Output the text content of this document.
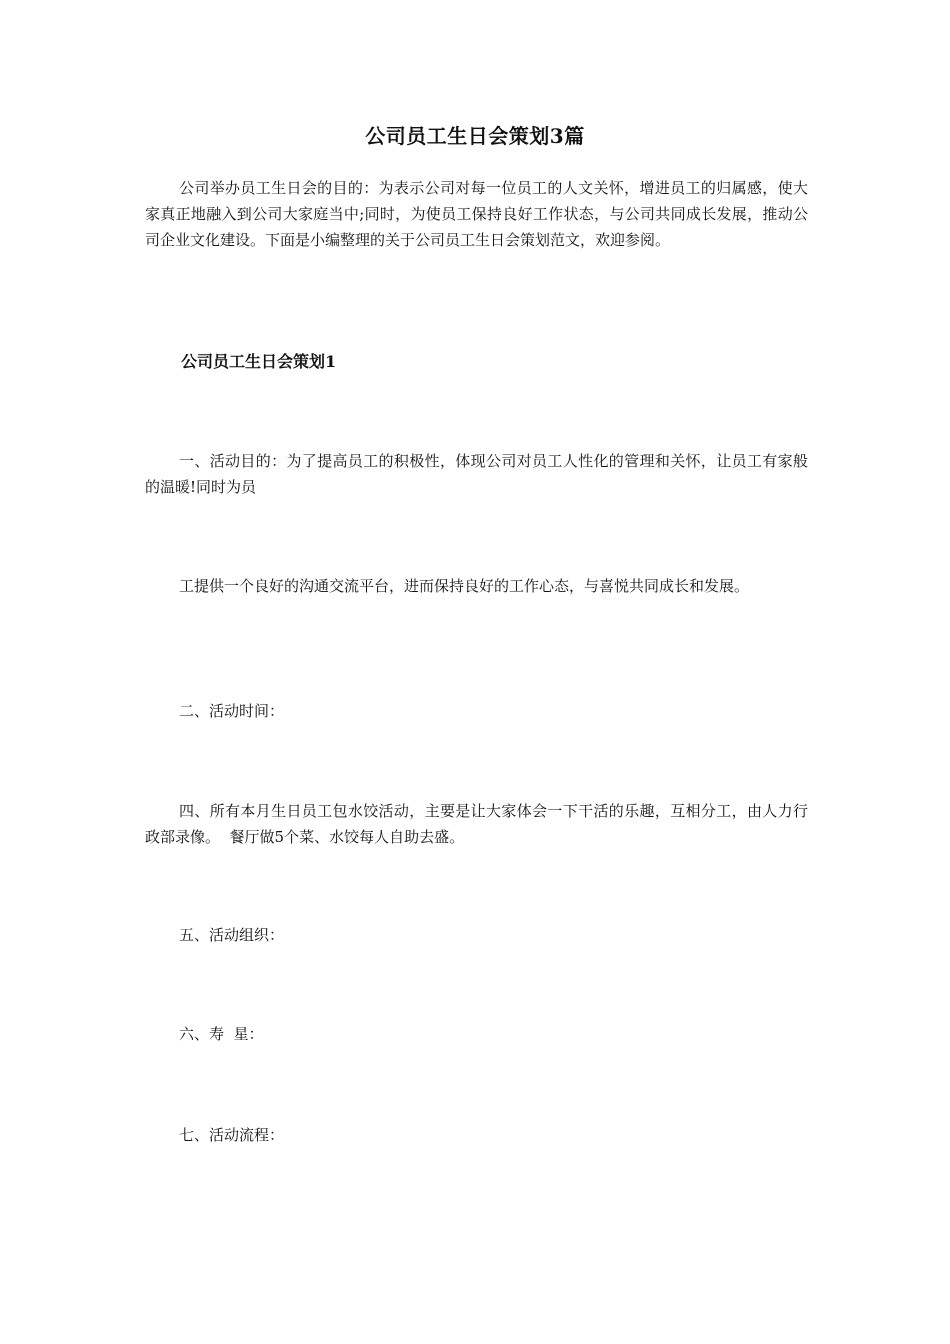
公司员工生日会策划3篇

公司举办员工生日会的目的：为表示公司对每一位员工的人文关怀，增进员工的归属感，使大家真正地融入到公司大家庭当中;同时，为使员工保持良好工作状态，与公司共同成长发展，推动公司企业文化建设。下面是小编整理的关于公司员工生日会策划范文，欢迎参阅。

公司员工生日会策划1

一、活动目的：为了提高员工的积极性，体现公司对员工人性化的管理和关怀，让员工有家般的温暖!同时为员

工提供一个良好的沟通交流平台，进而保持良好的工作心态，与喜悦共同成长和发展。

二、活动时间：

四、所有本月生日员工包水饺活动，主要是让大家体会一下干活的乐趣，互相分工，由人力行政部录像。  餐厅做5个菜、水饺每人自助去盛。

五、活动组织：

六、寿  星：

七、活动流程：
